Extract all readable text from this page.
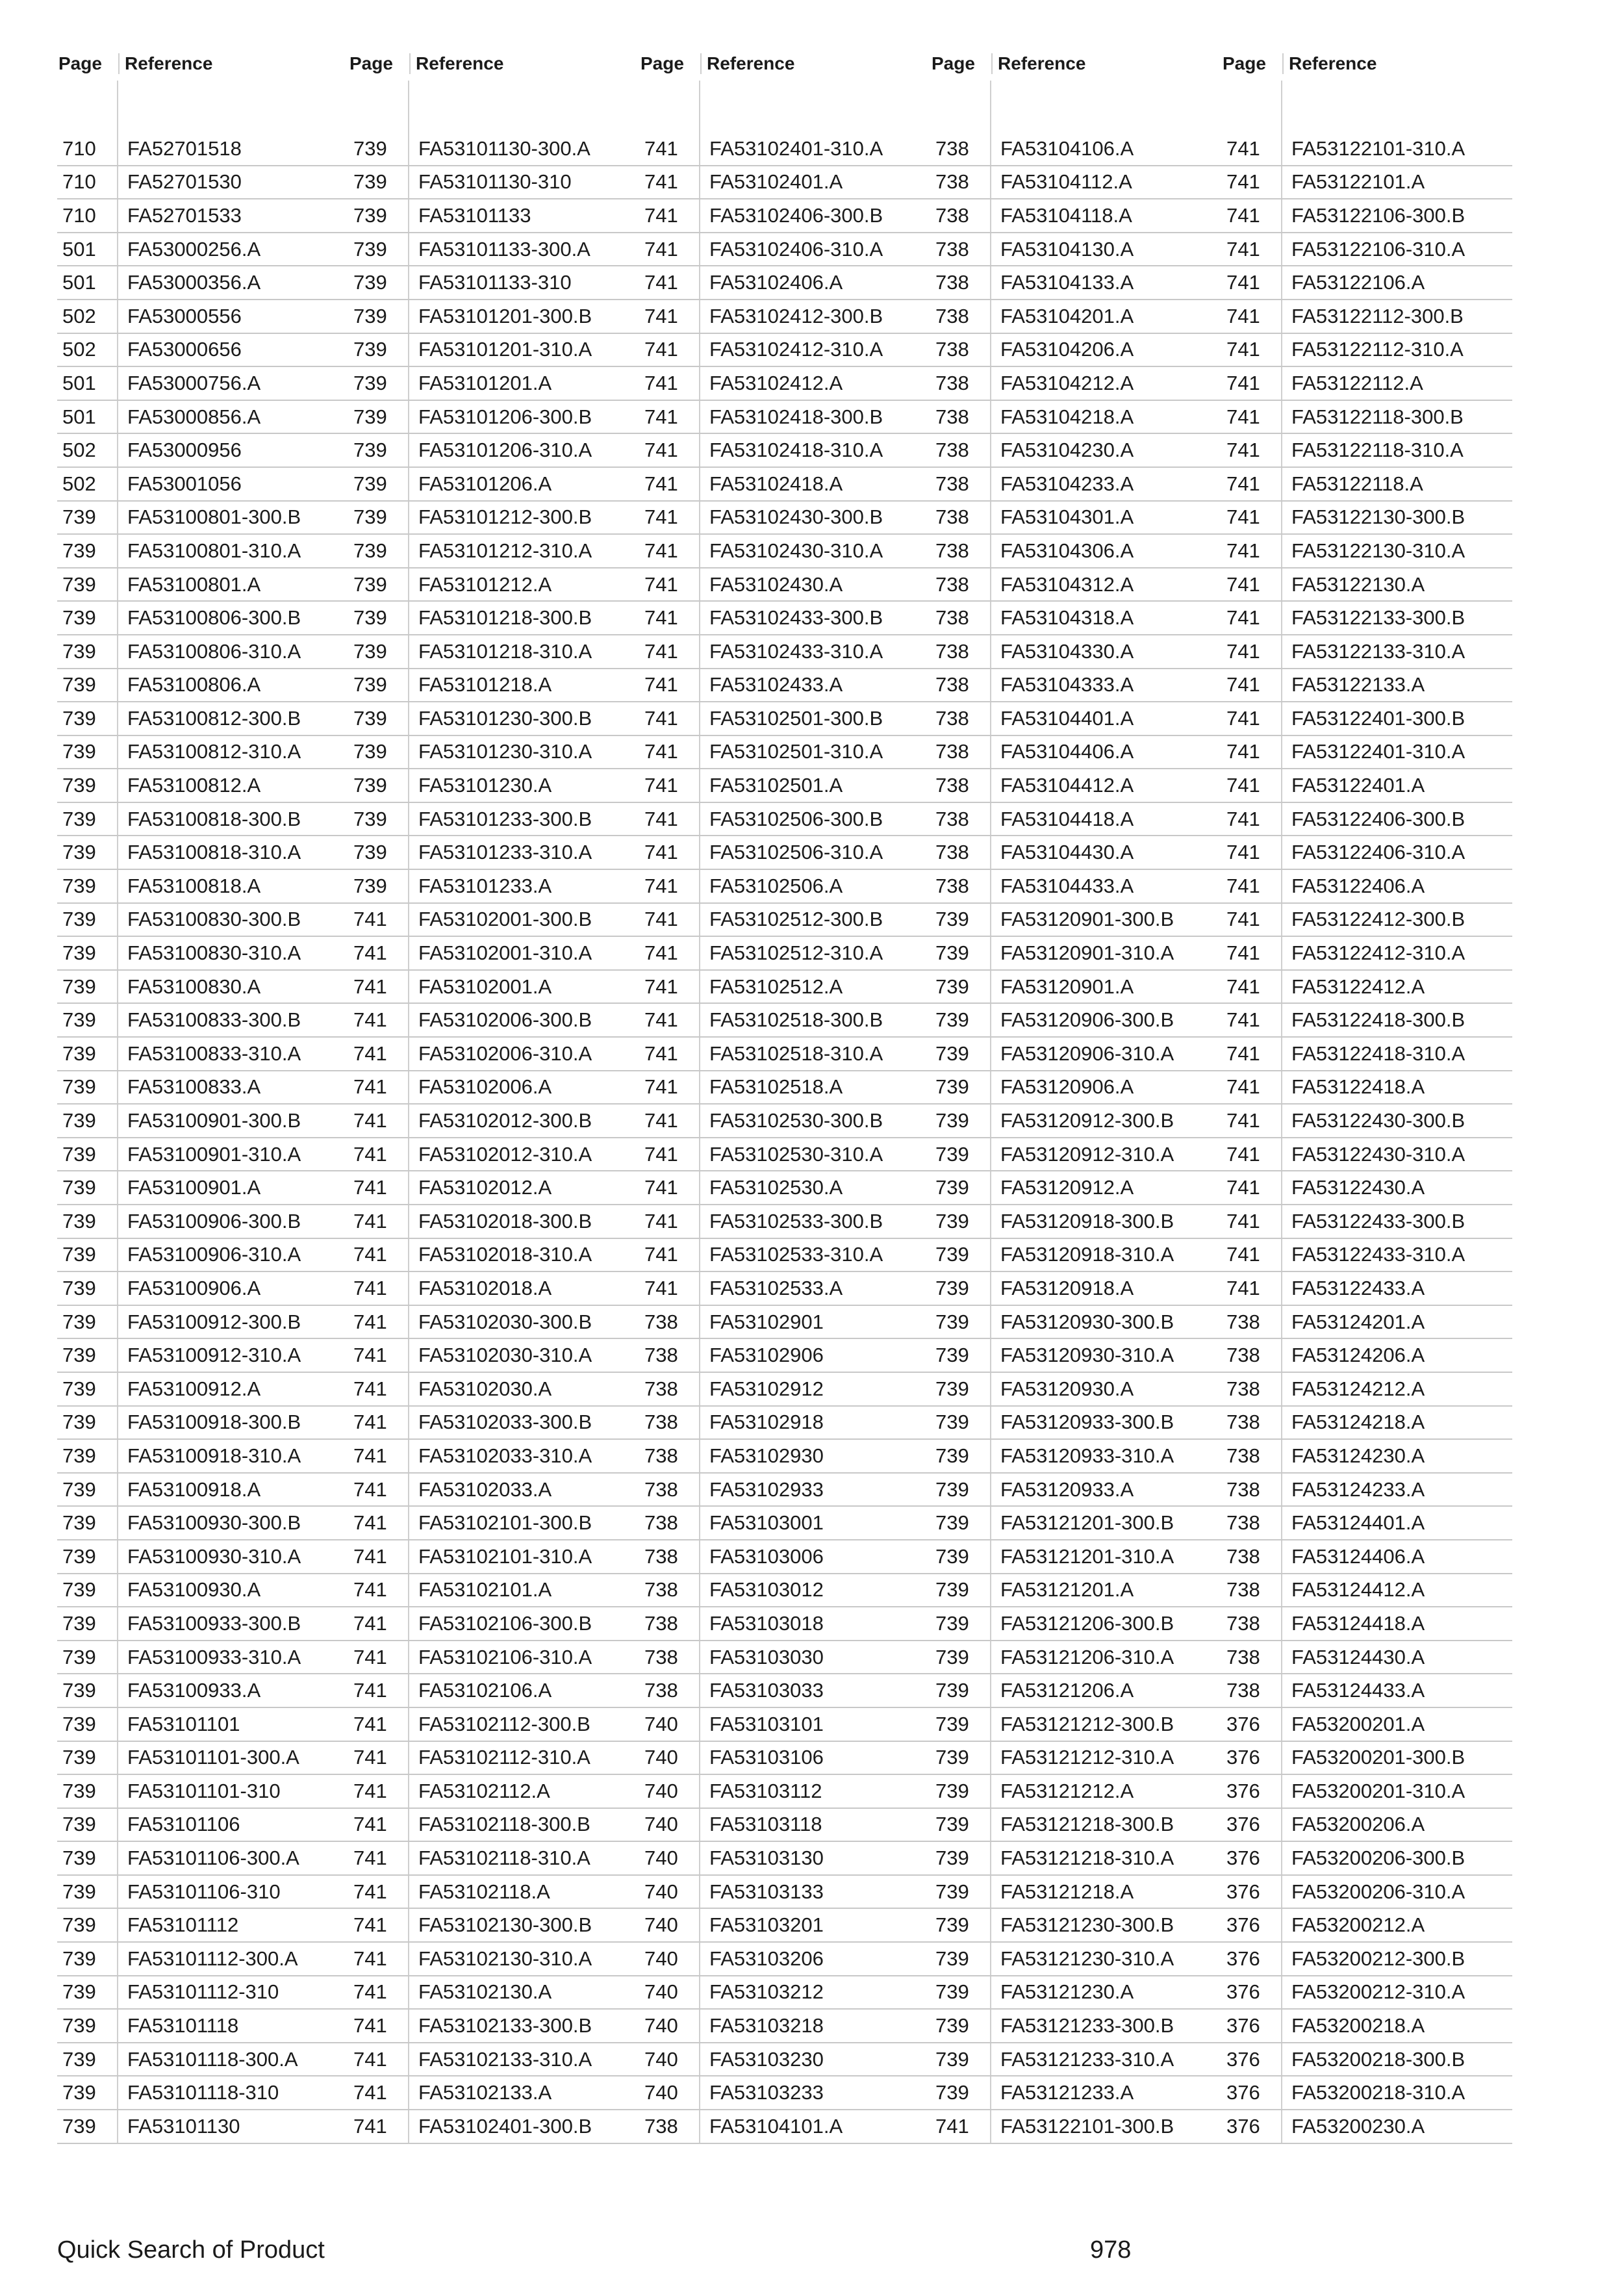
Page	Reference
710	FA52701518
710	FA52701530
710	FA52701533
501	FA53000256.A
501	FA53000356.A
502	FA53000556
502	FA53000656
501	FA53000756.A
501	FA53000856.A
502	FA53000956
502	FA53001056
739	FA53100801-300.B
739	FA53100801-310.A
739	FA53100801.A
739	FA53100806-300.B
739	FA53100806-310.A
739	FA53100806.A
739	FA53100812-300.B
739	FA53100812-310.A
739	FA53100812.A
739	FA53100818-300.B
739	FA53100818-310.A
739	FA53100818.A
739	FA53100830-300.B
739	FA53100830-310.A
739	FA53100830.A
739	FA53100833-300.B
739	FA53100833-310.A
739	FA53100833.A
739	FA53100901-300.B
739	FA53100901-310.A
739	FA53100901.A
739	FA53100906-300.B
739	FA53100906-310.A
739	FA53100906.A
739	FA53100912-300.B
739	FA53100912-310.A
739	FA53100912.A
739	FA53100918-300.B
739	FA53100918-310.A
739	FA53100918.A
739	FA53100930-300.B
739	FA53100930-310.A
739	FA53100930.A
739	FA53100933-300.B
739	FA53100933-310.A
739	FA53100933.A
739	FA53101101
739	FA53101101-300.A
739	FA53101101-310
739	FA53101106
739	FA53101106-300.A
739	FA53101106-310
739	FA53101112
739	FA53101112-300.A
739	FA53101112-310
739	FA53101118
739	FA53101118-300.A
739	FA53101118-310
739	FA53101130
Page	Reference
739	FA53101130-300.A
739	FA53101130-310
739	FA53101133
739	FA53101133-300.A
739	FA53101133-310
739	FA53101201-300.B
739	FA53101201-310.A
739	FA53101201.A
739	FA53101206-300.B
739	FA53101206-310.A
739	FA53101206.A
739	FA53101212-300.B
739	FA53101212-310.A
739	FA53101212.A
739	FA53101218-300.B
739	FA53101218-310.A
739	FA53101218.A
739	FA53101230-300.B
739	FA53101230-310.A
739	FA53101230.A
739	FA53101233-300.B
739	FA53101233-310.A
739	FA53101233.A
741	FA53102001-300.B
741	FA53102001-310.A
741	FA53102001.A
741	FA53102006-300.B
741	FA53102006-310.A
741	FA53102006.A
741	FA53102012-300.B
741	FA53102012-310.A
741	FA53102012.A
741	FA53102018-300.B
741	FA53102018-310.A
741	FA53102018.A
741	FA53102030-300.B
741	FA53102030-310.A
741	FA53102030.A
741	FA53102033-300.B
741	FA53102033-310.A
741	FA53102033.A
741	FA53102101-300.B
741	FA53102101-310.A
741	FA53102101.A
741	FA53102106-300.B
741	FA53102106-310.A
741	FA53102106.A
741	FA53102112-300.B
741	FA53102112-310.A
741	FA53102112.A
741	FA53102118-300.B
741	FA53102118-310.A
741	FA53102118.A
741	FA53102130-300.B
741	FA53102130-310.A
741	FA53102130.A
741	FA53102133-300.B
741	FA53102133-310.A
741	FA53102133.A
741	FA53102401-300.B
Page	Reference
741	FA53102401-310.A
741	FA53102401.A
741	FA53102406-300.B
741	FA53102406-310.A
741	FA53102406.A
741	FA53102412-300.B
741	FA53102412-310.A
741	FA53102412.A
741	FA53102418-300.B
741	FA53102418-310.A
741	FA53102418.A
741	FA53102430-300.B
741	FA53102430-310.A
741	FA53102430.A
741	FA53102433-300.B
741	FA53102433-310.A
741	FA53102433.A
741	FA53102501-300.B
741	FA53102501-310.A
741	FA53102501.A
741	FA53102506-300.B
741	FA53102506-310.A
741	FA53102506.A
741	FA53102512-300.B
741	FA53102512-310.A
741	FA53102512.A
741	FA53102518-300.B
741	FA53102518-310.A
741	FA53102518.A
741	FA53102530-300.B
741	FA53102530-310.A
741	FA53102530.A
741	FA53102533-300.B
741	FA53102533-310.A
741	FA53102533.A
738	FA53102901
738	FA53102906
738	FA53102912
738	FA53102918
738	FA53102930
738	FA53102933
738	FA53103001
738	FA53103006
738	FA53103012
738	FA53103018
738	FA53103030
738	FA53103033
740	FA53103101
740	FA53103106
740	FA53103112
740	FA53103118
740	FA53103130
740	FA53103133
740	FA53103201
740	FA53103206
740	FA53103212
740	FA53103218
740	FA53103230
740	FA53103233
738	FA53104101.A
Page	Reference
738	FA53104106.A
738	FA53104112.A
738	FA53104118.A
738	FA53104130.A
738	FA53104133.A
738	FA53104201.A
738	FA53104206.A
738	FA53104212.A
738	FA53104218.A
738	FA53104230.A
738	FA53104233.A
738	FA53104301.A
738	FA53104306.A
738	FA53104312.A
738	FA53104318.A
738	FA53104330.A
738	FA53104333.A
738	FA53104401.A
738	FA53104406.A
738	FA53104412.A
738	FA53104418.A
738	FA53104430.A
738	FA53104433.A
739	FA53120901-300.B
739	FA53120901-310.A
739	FA53120901.A
739	FA53120906-300.B
739	FA53120906-310.A
739	FA53120906.A
739	FA53120912-300.B
739	FA53120912-310.A
739	FA53120912.A
739	FA53120918-300.B
739	FA53120918-310.A
739	FA53120918.A
739	FA53120930-300.B
739	FA53120930-310.A
739	FA53120930.A
739	FA53120933-300.B
739	FA53120933-310.A
739	FA53120933.A
739	FA53121201-300.B
739	FA53121201-310.A
739	FA53121201.A
739	FA53121206-300.B
739	FA53121206-310.A
739	FA53121206.A
739	FA53121212-300.B
739	FA53121212-310.A
739	FA53121212.A
739	FA53121218-300.B
739	FA53121218-310.A
739	FA53121218.A
739	FA53121230-300.B
739	FA53121230-310.A
739	FA53121230.A
739	FA53121233-300.B
739	FA53121233-310.A
739	FA53121233.A
741	FA53122101-300.B
Page	Reference
741	FA53122101-310.A
741	FA53122101.A
741	FA53122106-300.B
741	FA53122106-310.A
741	FA53122106.A
741	FA53122112-300.B
741	FA53122112-310.A
741	FA53122112.A
741	FA53122118-300.B
741	FA53122118-310.A
741	FA53122118.A
741	FA53122130-300.B
741	FA53122130-310.A
741	FA53122130.A
741	FA53122133-300.B
741	FA53122133-310.A
741	FA53122133.A
741	FA53122401-300.B
741	FA53122401-310.A
741	FA53122401.A
741	FA53122406-300.B
741	FA53122406-310.A
741	FA53122406.A
741	FA53122412-300.B
741	FA53122412-310.A
741	FA53122412.A
741	FA53122418-300.B
741	FA53122418-310.A
741	FA53122418.A
741	FA53122430-300.B
741	FA53122430-310.A
741	FA53122430.A
741	FA53122433-300.B
741	FA53122433-310.A
741	FA53122433.A
738	FA53124201.A
738	FA53124206.A
738	FA53124212.A
738	FA53124218.A
738	FA53124230.A
738	FA53124233.A
738	FA53124401.A
738	FA53124406.A
738	FA53124412.A
738	FA53124418.A
738	FA53124430.A
738	FA53124433.A
376	FA53200201.A
376	FA53200201-300.B
376	FA53200201-310.A
376	FA53200206.A
376	FA53200206-300.B
376	FA53200206-310.A
376	FA53200212.A
376	FA53200212-300.B
376	FA53200212-310.A
376	FA53200218.A
376	FA53200218-300.B
376	FA53200218-310.A
376	FA53200230.A
Quick Search of Product	978
